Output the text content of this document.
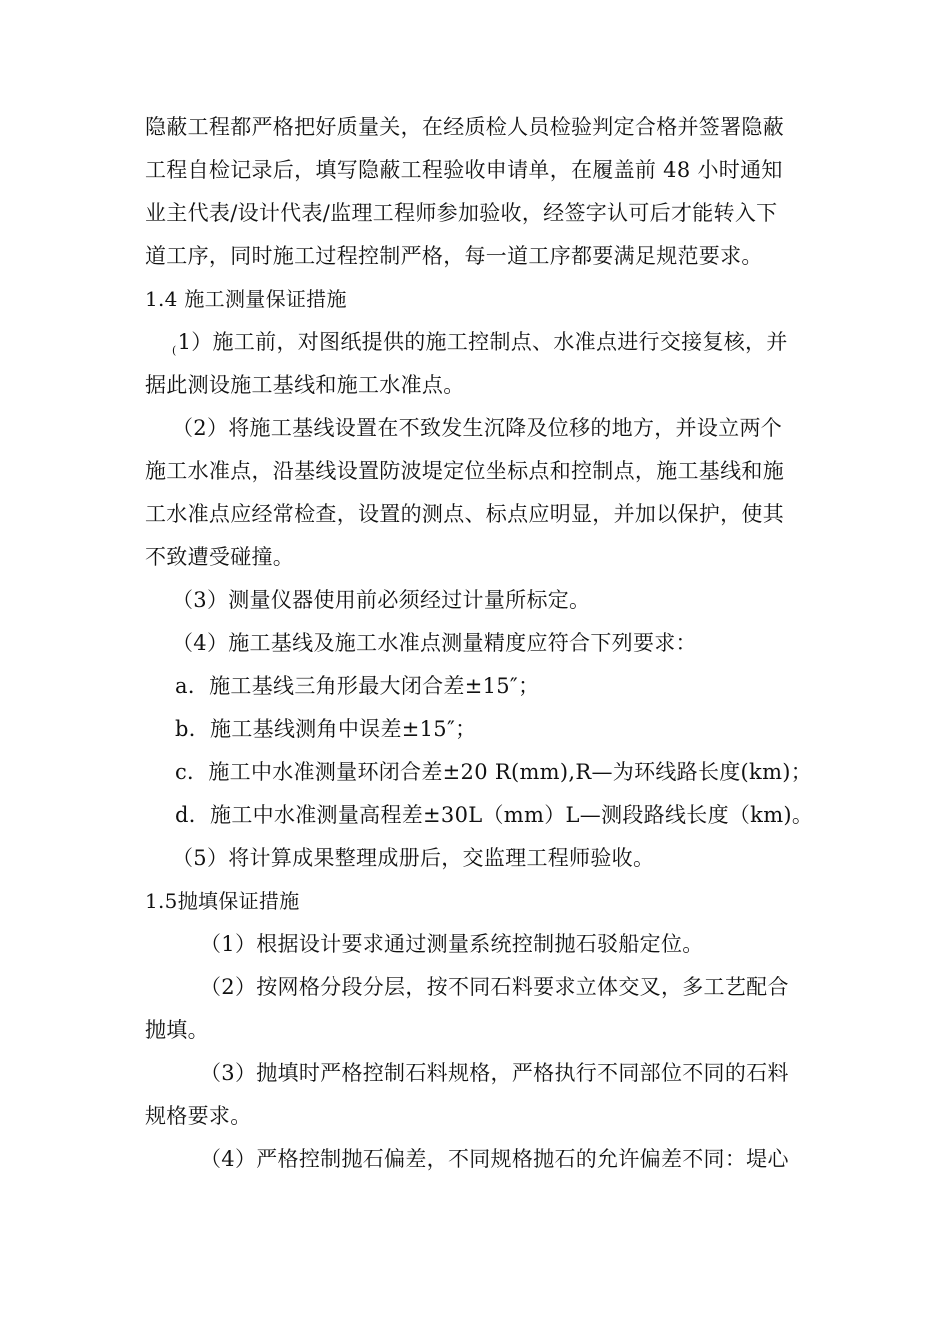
隐蔽工程都严格把好质量关，在经质检人员检验判定合格并签署隐蔽
工程自检记录后，填写隐蔽工程验收申请单，在履盖前 48 小时通知
业主代表/设计代表/监理工程师参加验收，经签字认可后才能转入下
道工序，同时施工过程控制严格，每一道工序都要满足规范要求。
1.4 施工测量保证措施
$_($1）施工前，对图纸提供的施工控制点、水准点进行交接复核，并
据此测设施工基线和施工水准点。
（2）将施工基线设置在不致发生沉降及位移的地方，并设立两个
施工水准点，沿基线设置防波堤定位坐标点和控制点，施工基线和施
工水准点应经常检查，设置的测点、标点应明显，并加以保护，使其
不致遭受碰撞。
（3）测量仪器使用前必须经过计量所标定。
（4）施工基线及施工水准点测量精度应符合下列要求：
a．施工基线三角形最大闭合差±15″；
b．施工基线测角中误差±15″；
c．施工中水准测量环闭合差±20 R(mm),R—为环线路长度(km)；
d．施工中水准测量高程差±30L（mm）L—测段路线长度（km)。
（5）将计算成果整理成册后，交监理工程师验收。
1.5抛填保证措施
（1）根据设计要求通过测量系统控制抛石驳船定位。
（2）按网格分段分层，按不同石料要求立体交叉，多工艺配合
抛填。
（3）抛填时严格控制石料规格，严格执行不同部位不同的石料
规格要求。
（4）严格控制抛石偏差，不同规格抛石的允许偏差不同：堤心
